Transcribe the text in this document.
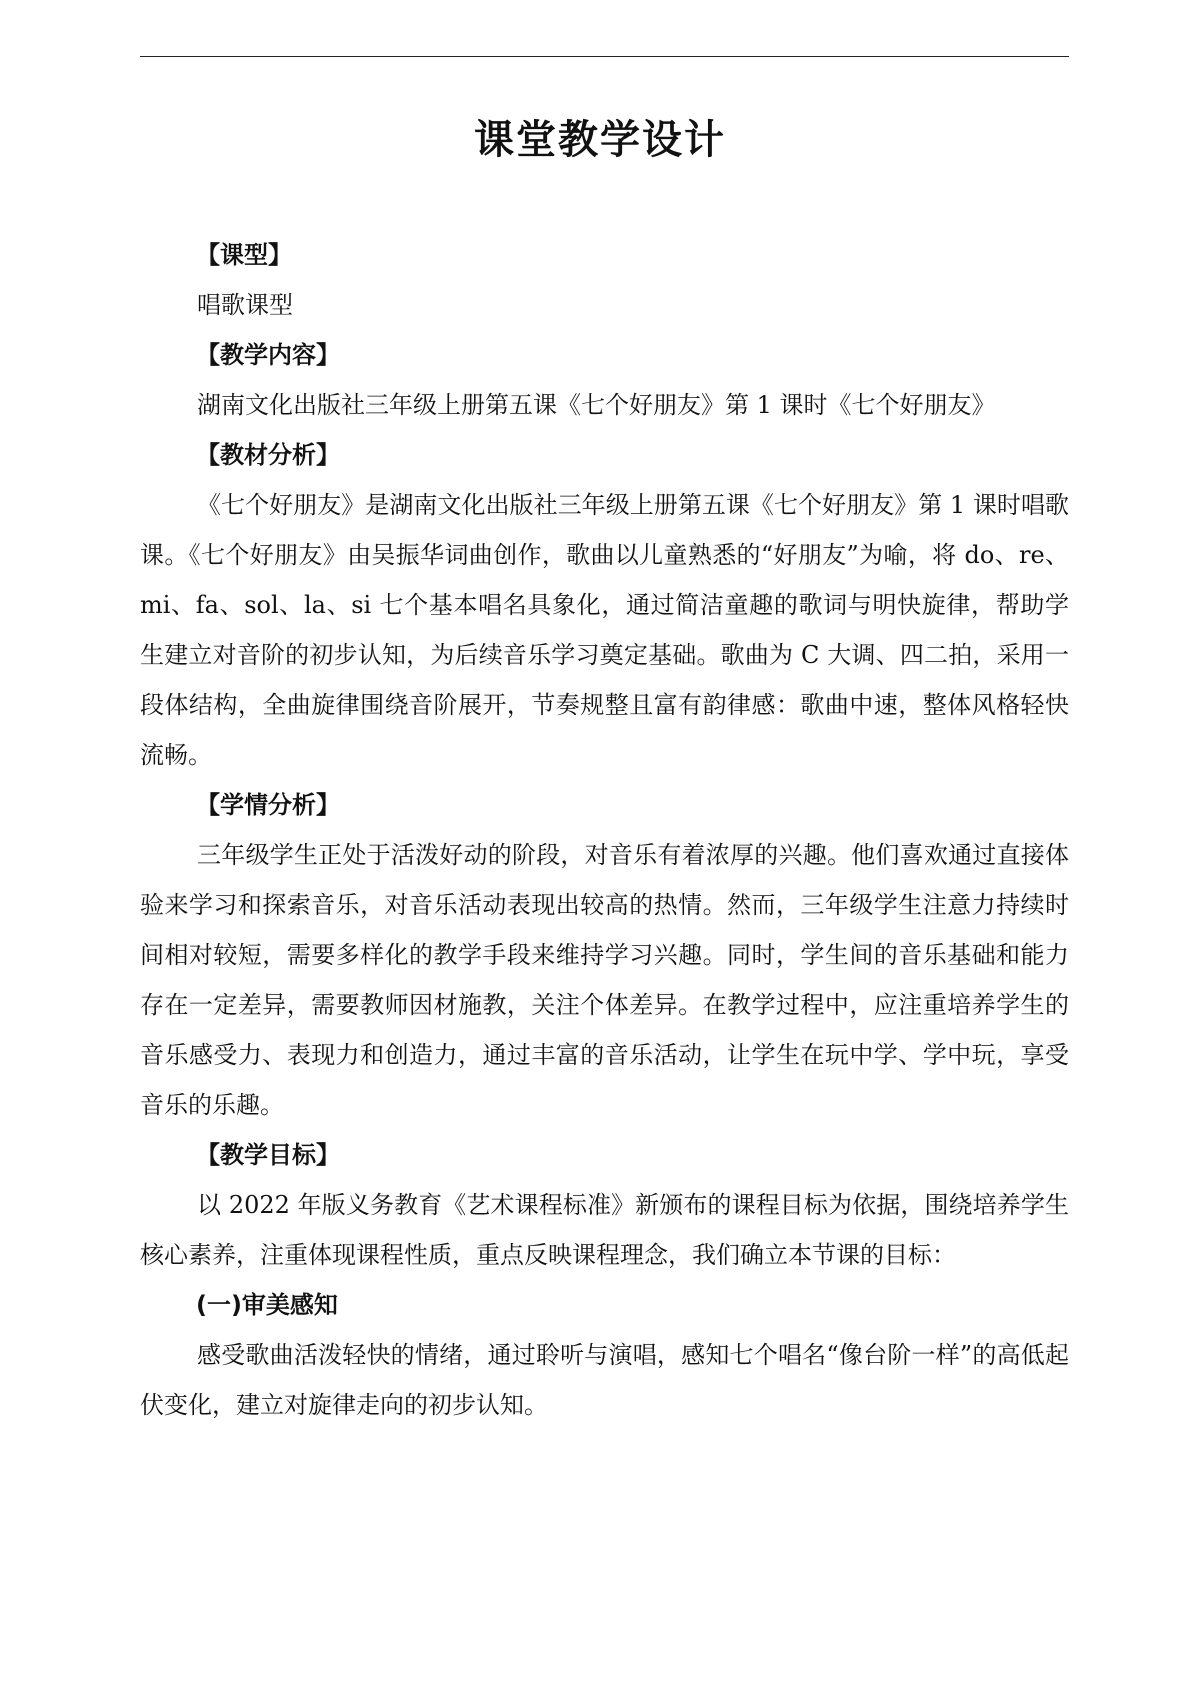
课堂教学设计
【课型】

唱歌课型

【教学内容】

湖南文化出版社三年级上册第五课《七个好朋友》第 1 课时《七个好朋友》

【教材分析】

《七个好朋友》是湖南文化出版社三年级上册第五课《七个好朋友》第 1 课时唱歌课。《七个好朋友》由吴振华词曲创作，歌曲以儿童熟悉的“好朋友”为喻，将 do、re、mi、fa、sol、la、si 七个基本唱名具象化，通过简洁童趣的歌词与明快旋律，帮助学生建立对音阶的初步认知，为后续音乐学习奠定基础。歌曲为 C 大调、四二拍，采用一段体结构，全曲旋律围绕音阶展开，节奏规整且富有韵律感：歌曲中速，整体风格轻快流畅。

【学情分析】

三年级学生正处于活泼好动的阶段，对音乐有着浓厚的兴趣。他们喜欢通过直接体验来学习和探索音乐，对音乐活动表现出较高的热情。然而，三年级学生注意力持续时间相对较短，需要多样化的教学手段来维持学习兴趣。同时，学生间的音乐基础和能力存在一定差异，需要教师因材施教，关注个体差异。在教学过程中，应注重培养学生的音乐感受力、表现力和创造力，通过丰富的音乐活动，让学生在玩中学、学中玩，享受音乐的乐趣。

【教学目标】

以 2022 年版义务教育《艺术课程标准》新颁布的课程目标为依据，围绕培养学生核心素养，注重体现课程性质，重点反映课程理念，我们确立本节课的目标：

(一)审美感知

感受歌曲活泼轻快的情绪，通过聆听与演唱，感知七个唱名“像台阶一样”的高低起伏变化，建立对旋律走向的初步认知。
